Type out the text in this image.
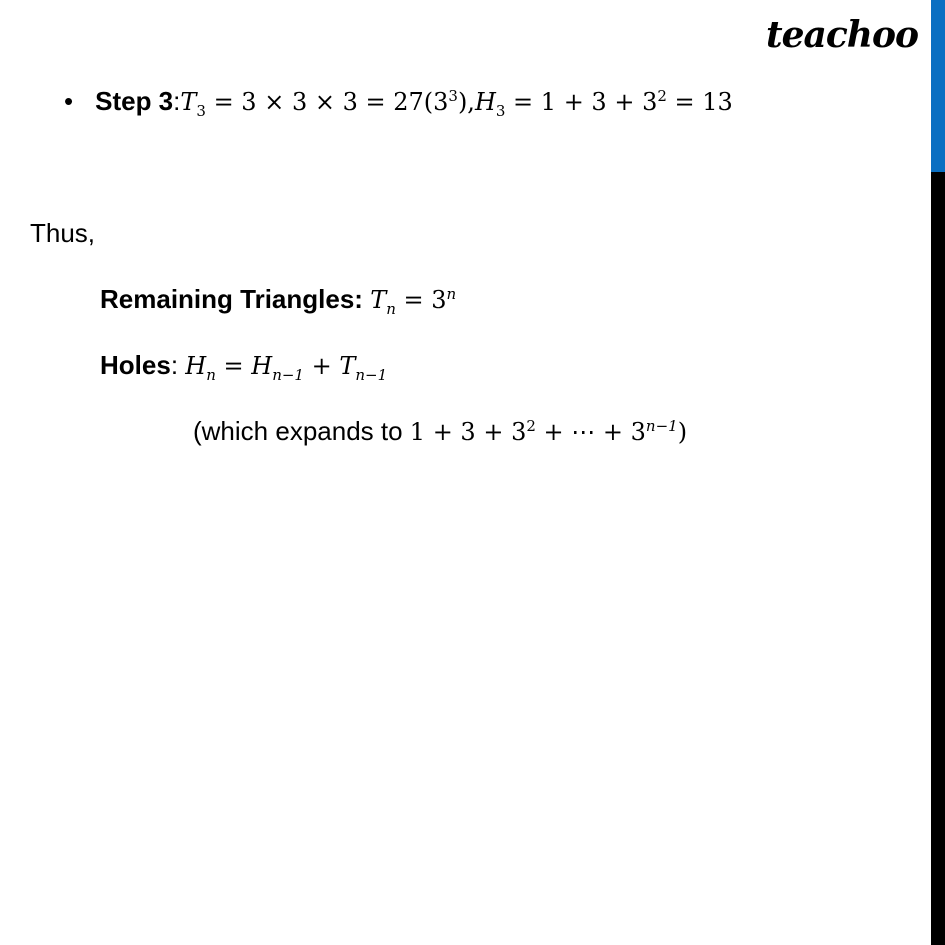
teachoo
• Step $3:T_3 = 3 \times 3 \times 3 = 27(3^3),H_3 = 1 + 3 + 3^2 = 13$
Thus,
Remaining Triangles: $T_n = 3^n$
Holes: $H_n = H_{n-1} + T_{n-1}$
(which expands to $1 + 3 + 3^2$ + ⋯ + $3^{n-1}$)
